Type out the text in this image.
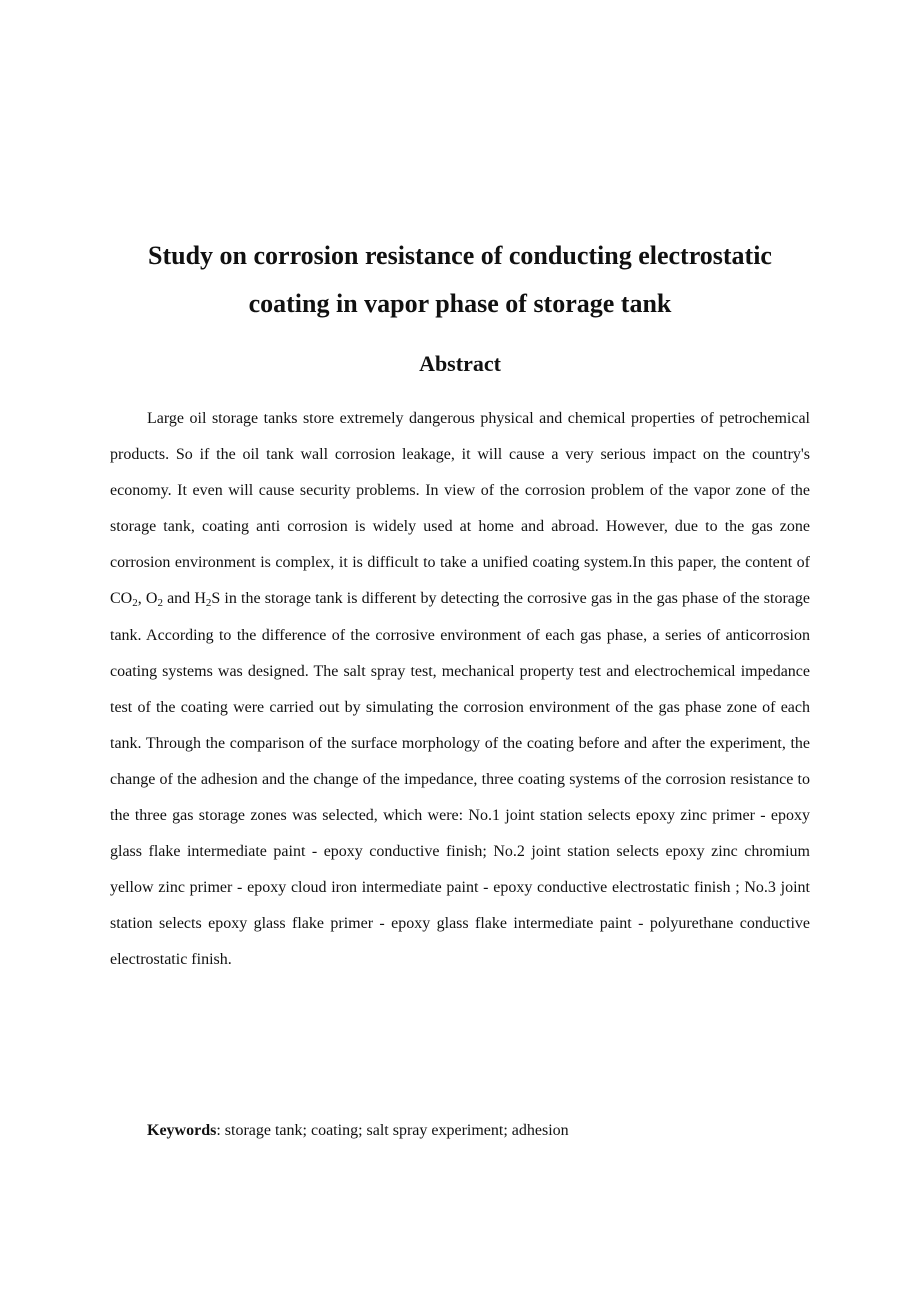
Study on corrosion resistance of conducting electrostatic
coating in vapor phase of storage tank
Abstract

Large oil storage tanks store extremely dangerous physical and chemical properties of petrochemical products. So if the oil tank wall corrosion leakage, it will cause a very serious impact on the country's economy. It even will cause security problems. In view of the corrosion problem of the vapor zone of the storage tank, coating anti corrosion is widely used at home and abroad. However, due to the gas zone corrosion environment is complex, it is difficult to take a unified coating system.In this paper, the content of $CO_2$, $O_2$ and $H_2S$ in the storage tank is different by detecting the corrosive gas in the gas phase of the storage tank. According to the difference of the corrosive environment of each gas phase, a series of anticorrosion coating systems was designed. The salt spray test, mechanical property test and electrochemical impedance test of the coating were carried out by simulating the corrosion environment of the gas phase zone of each tank. Through the comparison of the surface morphology of the coating before and after the experiment, the change of the adhesion and the change of the impedance, three coating systems of the corrosion resistance to the three gas storage zones was selected, which were: No.1 joint station selects epoxy zinc primer - epoxy glass flake intermediate paint - epoxy conductive finish; No.2 joint station selects epoxy zinc chromium yellow zinc primer - epoxy cloud iron intermediate paint - epoxy conductive electrostatic finish ; No.3 joint station selects epoxy glass flake primer - epoxy glass flake intermediate paint - polyurethane conductive electrostatic finish.

Keywords: storage tank; coating; salt spray experiment; adhesion
